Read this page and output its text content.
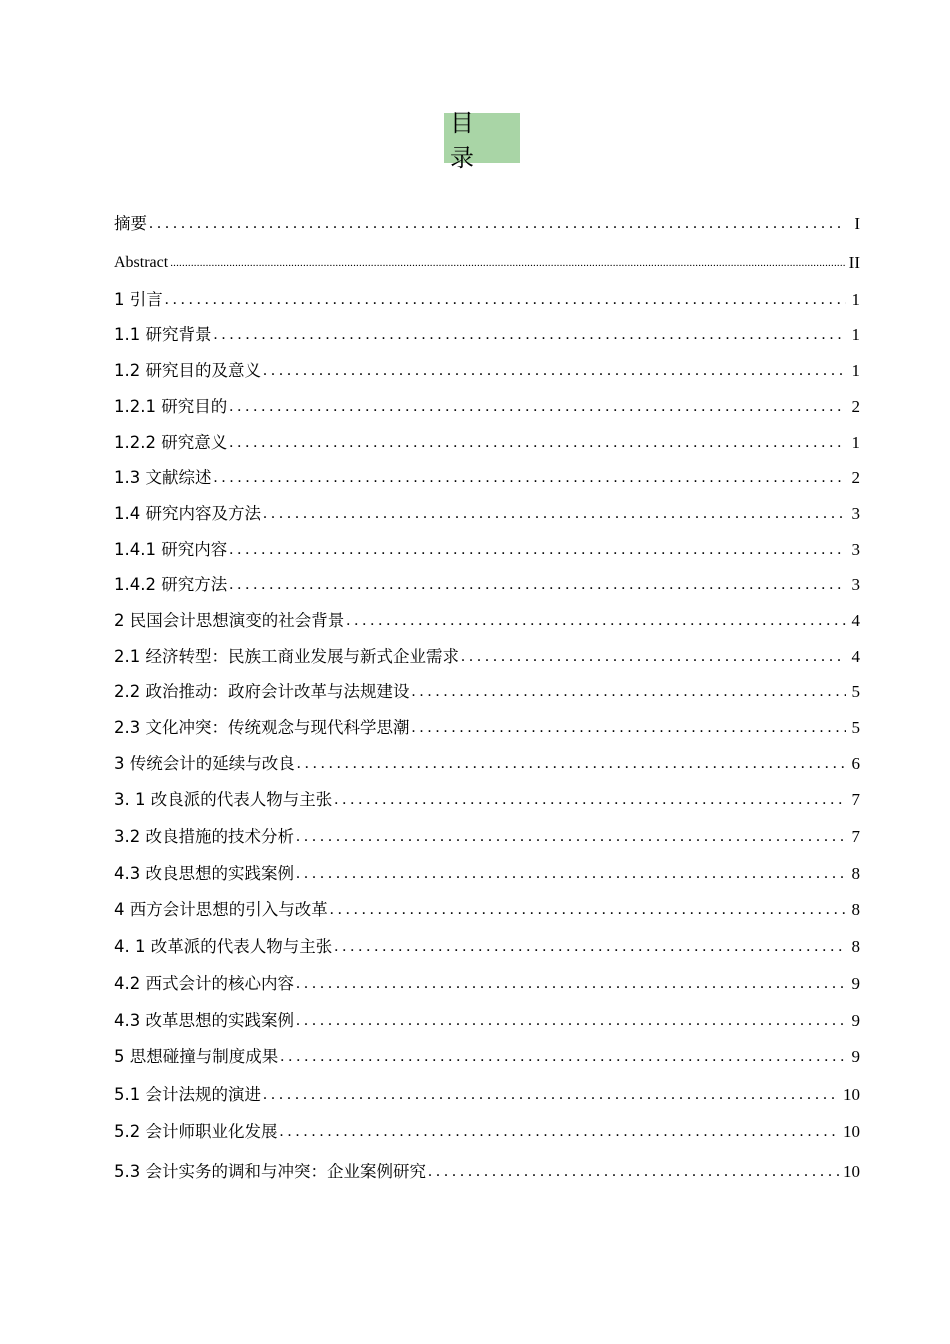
目 录
摘要 . . .	I
Abstract .....	II
1 引言 . . .	1
1.1 研究背景 . . .	1
1.2 研究目的及意义 . . .	1
1.2.1 研究目的 . . .	2
1.2.2 研究意义 . . .	1
1.3 文献综述 . . .	2
1.4 研究内容及方法 . . .	3
1.4.1 研究内容 . . .	3
1.4.2 研究方法 . . .	3
2 民国会计思想演变的社会背景 . . .	4
2.1 经济转型：民族工商业发展与新式企业需求 . . .	4
2.2 政治推动：政府会计改革与法规建设 . . .	5
2.3 文化冲突：传统观念与现代科学思潮 . . .	5
3 传统会计的延续与改良 . . .	6
3. 1 改良派的代表人物与主张 . . .	7
3.2 改良措施的技术分析 . . .	7
4.3 改良思想的实践案例 . . .	8
4 西方会计思想的引入与改革 . . .	8
4. 1 改革派的代表人物与主张 . . .	8
4.2 西式会计的核心内容 . . .	9
4.3 改革思想的实践案例 . . .	9
5 思想碰撞与制度成果 . . .	9
5.1 会计法规的演进 . . .	10
5.2 会计师职业化发展 . . .	10
5.3 会计实务的调和与冲突：企业案例研究 . . .	10
